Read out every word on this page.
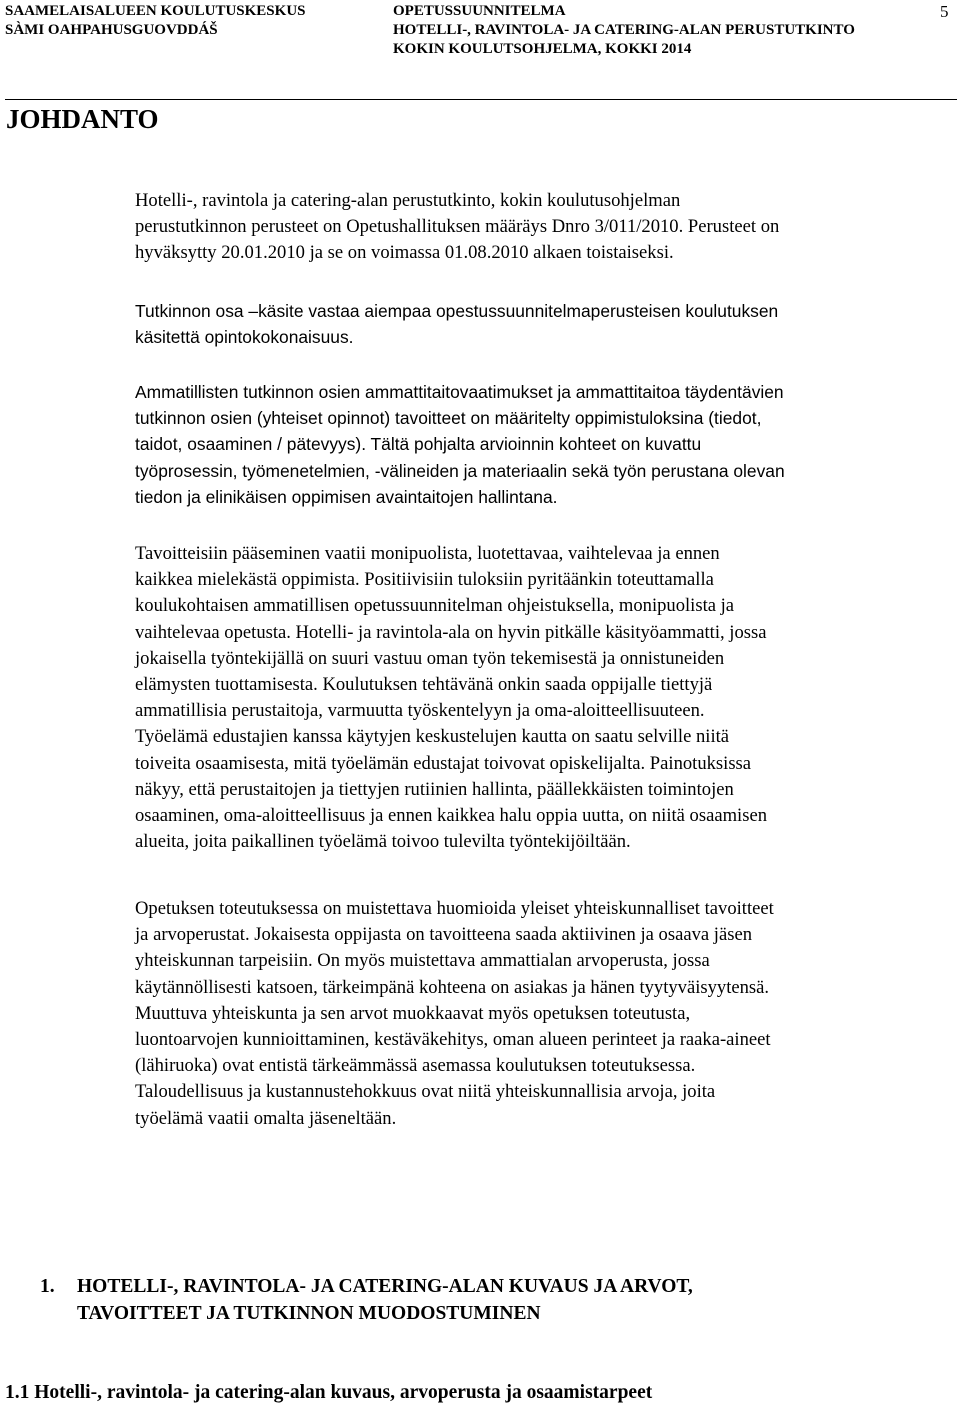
SAAMELAISALUEEN KOULUTUSKESKUS
SÀMI OAHPAHUSGUOVDDÁŠ
OPETUSSUUNNITELMA
HOTELLI-, RAVINTOLA- JA CATERING-ALAN PERUSTUTKINTO
KOKIN KOULUTSOHJELMA, KOKKI 2014
5
JOHDANTO
Hotelli-, ravintola ja catering-alan perustutkinto, kokin koulutusohjelman
perustutkinnon perusteet on Opetushallituksen määräys Dnro 3/011/2010. Perusteet on
hyväksytty 20.01.2010 ja se on voimassa 01.08.2010 alkaen toistaiseksi.
Tutkinnon osa –käsite vastaa aiempaa opestussuunnitelmaperusteisen koulutuksen
käsitettä opintokokonaisuus.
Ammatillisten tutkinnon osien ammattitaitovaatimukset ja ammattitaitoa täydentävien
tutkinnon osien (yhteiset opinnot) tavoitteet on määritelty oppimistuloksina (tiedot,
taidot, osaaminen / pätevyys). Tältä pohjalta arvioinnin kohteet on kuvattu
työprosessin, työmenetelmien, -välineiden ja materiaalin sekä työn perustana olevan
tiedon ja elinikäisen oppimisen avaintaitojen hallintana.
Tavoitteisiin pääseminen vaatii monipuolista, luotettavaa, vaihtelevaa ja ennen
kaikkea mielekästä oppimista. Positiivisiin tuloksiin pyritäänkin toteuttamalla
koulukohtaisen ammatillisen opetussuunnitelman ohjeistuksella, monipuolista ja
vaihtelevaa opetusta. Hotelli- ja ravintola-ala on hyvin pitkälle käsityöammatti, jossa
jokaisella työntekijällä on suuri vastuu oman työn tekemisestä ja onnistuneiden
elämysten tuottamisesta. Koulutuksen tehtävänä onkin saada oppijalle tiettyjä
ammatillisia perustaitoja, varmuutta työskentelyyn ja oma-aloitteellisuuteen.
Työelämä edustajien kanssa käytyjen keskustelujen kautta on saatu selville niitä
toiveita osaamisesta, mitä työelämän edustajat toivovat opiskelijalta. Painotuksissa
näkyy, että perustaitojen ja tiettyjen rutiinien hallinta, päällekkäisten toimintojen
osaaminen, oma-aloitteellisuus ja ennen kaikkea halu oppia uutta, on niitä osaamisen
alueita, joita paikallinen työelämä toivoo tulevilta työntekijöiltään.
Opetuksen toteutuksessa on muistettava huomioida yleiset yhteiskunnalliset tavoitteet
ja arvoperustat. Jokaisesta oppijasta on tavoitteena saada aktiivinen ja osaava jäsen
yhteiskunnan tarpeisiin. On myös muistettava ammattialan arvoperusta, jossa
käytännöllisesti katsoen, tärkeimpänä kohteena on asiakas ja hänen tyytyväisyytensä.
Muuttuva yhteiskunta ja sen arvot muokkaavat myös opetuksen toteutusta,
luontoarvojen kunnioittaminen, kestäväkehitys, oman alueen perinteet ja raaka-aineet
(lähiruoka) ovat entistä tärkeämmässä asemassa koulutuksen toteutuksessa.
Taloudellisuus ja kustannustehokkuus ovat niitä yhteiskunnallisia arvoja, joita
työelämä vaatii omalta jäseneltään.
1. HOTELLI-, RAVINTOLA- JA CATERING-ALAN KUVAUS JA ARVOT,
TAVOITTEET JA TUTKINNON MUODOSTUMINEN
1.1 Hotelli-, ravintola- ja catering-alan kuvaus, arvoperusta ja osaamistarpeet
